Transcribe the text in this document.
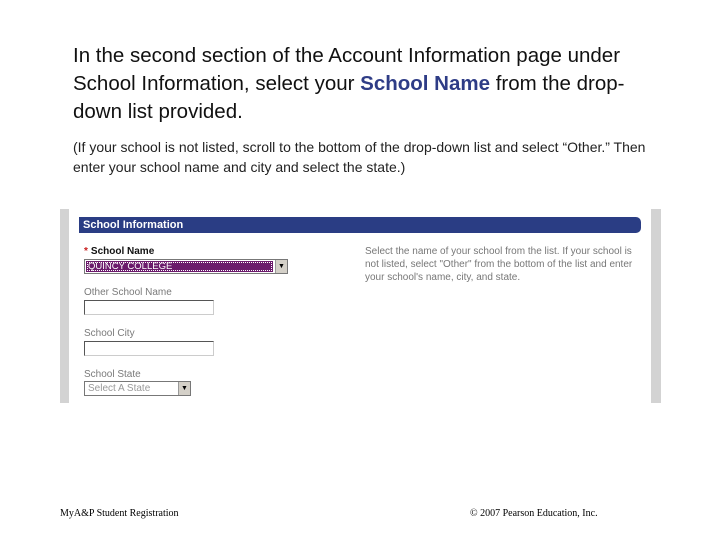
In the second section of the Account Information page under School Information, select your School Name from the drop-down list provided.
(If your school is not listed, scroll to the bottom of the drop-down list and select “Other.” Then enter your school name and city and select the state.)
School Information
* School Name
QUINCY COLLEGE	▼
Other School Name
School City
School State
Select A State	▼
Select the name of your school from the list. If your school is not listed, select "Other" from the bottom of the list and enter your school's name, city, and state.
MyA&P Student Registration	© 2007 Pearson Education, Inc.
